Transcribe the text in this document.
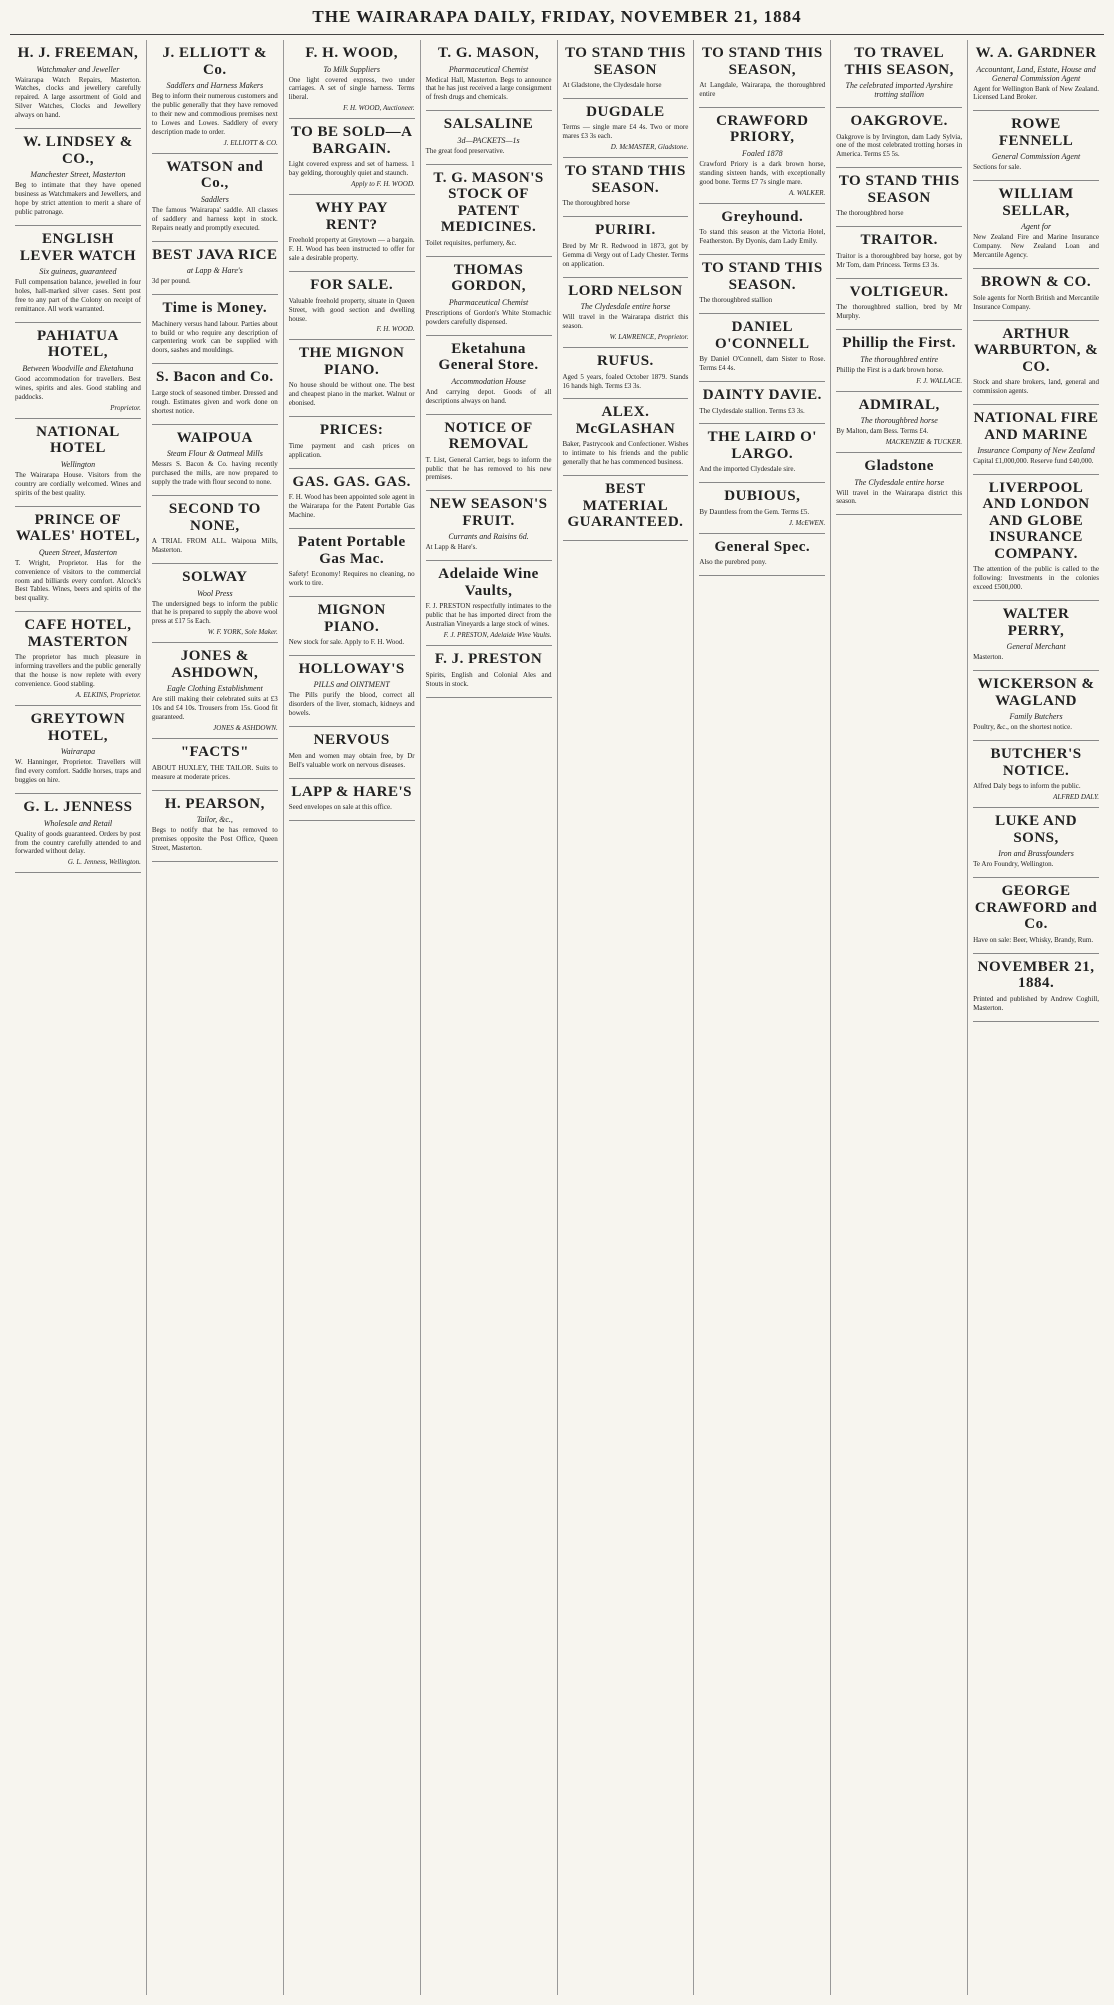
THE WAIRARAPA DAILY, FRIDAY, NOVEMBER 21, 1884
H. J. FREEMAN,
Watchmaker and Jeweller

Wairarapa Watch Repairs, Masterton. Watches, clocks and jewellery carefully repaired. A large assortment of Gold and Silver Watches, Clocks and Jewellery always on hand.

W. LINDSEY & CO.,
Manchester Street, Masterton

Beg to intimate that they have opened business as Watchmakers and Jewellers, and hope by strict attention to merit a share of public patronage.

ENGLISH LEVER WATCH
Six guineas, guaranteed

Full compensation balance, jewelled in four holes, hall-marked silver cases. Sent post free to any part of the Colony on receipt of remittance. All work warranted.

PAHIATUA HOTEL,
Between Woodville and Eketahuna

Good accommodation for travellers. Best wines, spirits and ales. Good stabling and paddocks.

Proprietor.
NATIONAL HOTEL
Wellington

The Wairarapa House. Visitors from the country are cordially welcomed. Wines and spirits of the best quality.

PRINCE OF WALES' HOTEL,
Queen Street, Masterton

T. Wright, Proprietor. Has for the convenience of visitors to the commercial room and billiards every comfort. Alcock's Best Tables. Wines, beers and spirits of the best quality.

CAFE HOTEL, MASTERTON

The proprietor has much pleasure in informing travellers and the public generally that the house is now replete with every convenience. Good stabling.

A. ELKINS, Proprietor.
GREYTOWN HOTEL,
Wairarapa

W. Hanninger, Proprietor. Travellers will find every comfort. Saddle horses, traps and buggies on hire.

G. L. JENNESS
Wholesale and Retail

Quality of goods guaranteed. Orders by post from the country carefully attended to and forwarded without delay.

G. L. Jenness, Wellington.
J. ELLIOTT & Co.
Saddlers and Harness Makers

Beg to inform their numerous customers and the public generally that they have removed to their new and commodious premises next to Lowes and Lowes. Saddlery of every description made to order.

J. ELLIOTT & CO.
WATSON and Co.,
Saddlers

The famous 'Wairarapa' saddle. All classes of saddlery and harness kept in stock. Repairs neatly and promptly executed.

BEST JAVA RICE
at Lapp & Hare's

3d per pound.

Time is Money.

Machinery versus hand labour. Parties about to build or who require any description of carpentering work can be supplied with doors, sashes and mouldings.

S. Bacon and Co.

Large stock of seasoned timber. Dressed and rough. Estimates given and work done on shortest notice.

WAIPOUA
Steam Flour & Oatmeal Mills

Messrs S. Bacon & Co. having recently purchased the mills, are now prepared to supply the trade with flour second to none.

SECOND TO NONE,

A TRIAL FROM ALL. Waipoua Mills, Masterton.

SOLWAY
Wool Press

The undersigned begs to inform the public that he is prepared to supply the above wool press at £17 5s Each.

W. F. YORK, Sole Maker.
JONES & ASHDOWN,
Eagle Clothing Establishment

Are still making their celebrated suits at £3 10s and £4 10s. Trousers from 15s. Good fit guaranteed.

JONES & ASHDOWN.
"FACTS"

ABOUT HUXLEY, THE TAILOR. Suits to measure at moderate prices.

H. PEARSON,
Tailor, &c.,

Begs to notify that he has removed to premises opposite the Post Office, Queen Street, Masterton.

F. H. WOOD,
To Milk Suppliers

One light covered express, two under carriages. A set of single harness. Terms liberal.

F. H. WOOD, Auctioneer.
TO BE SOLD—A BARGAIN.

Light covered express and set of harness. 1 bay gelding, thoroughly quiet and staunch.

Apply to F. H. WOOD.
WHY PAY RENT?

Freehold property at Greytown — a bargain. F. H. Wood has been instructed to offer for sale a desirable property.

FOR SALE.

Valuable freehold property, situate in Queen Street, with good section and dwelling house.

F. H. WOOD.
THE MIGNON PIANO.

No house should be without one. The best and cheapest piano in the market. Walnut or ebonised.

PRICES:

Time payment and cash prices on application.

GAS. GAS. GAS.

F. H. Wood has been appointed sole agent in the Wairarapa for the Patent Portable Gas Machine.

Patent Portable Gas Mac.

Safety! Economy! Requires no cleaning, no work to tire.

MIGNON PIANO.

New stock for sale. Apply to F. H. Wood.

HOLLOWAY'S
PILLS and OINTMENT

The Pills purify the blood, correct all disorders of the liver, stomach, kidneys and bowels.

NERVOUS

Men and women may obtain free, by Dr Bell's valuable work on nervous diseases.

LAPP & HARE'S

Seed envelopes on sale at this office.

T. G. MASON,
Pharmaceutical Chemist

Medical Hall, Masterton. Begs to announce that he has just received a large consignment of fresh drugs and chemicals.

SALSALINE
3d—PACKETS—1s

The great food preservative.

T. G. MASON'S STOCK OF PATENT MEDICINES.

Toilet requisites, perfumery, &c.

THOMAS GORDON,
Pharmaceutical Chemist

Prescriptions of Gordon's White Stomachic powders carefully dispensed.

Eketahuna General Store.
Accommodation House

And carrying depot. Goods of all descriptions always on hand.

NOTICE OF REMOVAL

T. List, General Carrier, begs to inform the public that he has removed to his new premises.

NEW SEASON'S FRUIT.
Currants and Raisins 6d.

At Lapp & Hare's.

Adelaide Wine Vaults,

F. J. PRESTON respectfully intimates to the public that he has imported direct from the Australian Vineyards a large stock of wines.

F. J. PRESTON, Adelaide Wine Vaults.
F. J. PRESTON

Spirits, English and Colonial Ales and Stouts in stock.

TO STAND THIS SEASON

At Gladstone, the Clydesdale horse

DUGDALE

Terms — single mare £4 4s. Two or more mares £3 3s each.

D. McMASTER, Gladstone.
TO STAND THIS SEASON.

The thoroughbred horse

PURIRI.

Bred by Mr R. Redwood in 1873, got by Gemma di Vergy out of Lady Chester. Terms on application.

LORD NELSON
The Clydesdale entire horse

Will travel in the Wairarapa district this season.

W. LAWRENCE, Proprietor.
RUFUS.

Aged 5 years, foaled October 1879. Stands 16 hands high. Terms £3 3s.

ALEX. McGLASHAN

Baker, Pastrycook and Confectioner. Wishes to intimate to his friends and the public generally that he has commenced business.

BEST MATERIAL GUARANTEED.
TO STAND THIS SEASON,

At Langdale, Wairarapa, the thoroughbred entire

CRAWFORD PRIORY,
Foaled 1878

Crawford Priory is a dark brown horse, standing sixteen hands, with exceptionally good bone. Terms £7 7s single mare.

A. WALKER.
Greyhound.

To stand this season at the Victoria Hotel, Featherston. By Dyonis, dam Lady Emily.

TO STAND THIS SEASON.

The thoroughbred stallion

DANIEL O'CONNELL

By Daniel O'Connell, dam Sister to Rose. Terms £4 4s.

DAINTY DAVIE.

The Clydesdale stallion. Terms £3 3s.

THE LAIRD O' LARGO.

And the imported Clydesdale sire.

DUBIOUS,

By Dauntless from the Gem. Terms £5.

J. McEWEN.
General Spec.

Also the purebred pony.

TO TRAVEL THIS SEASON,
The celebrated imported Ayrshire trotting stallion
OAKGROVE.

Oakgrove is by Irvington, dam Lady Sylvia, one of the most celebrated trotting horses in America. Terms £5 5s.

TO STAND THIS SEASON

The thoroughbred horse

TRAITOR.

Traitor is a thoroughbred bay horse, got by Mr Tom, dam Princess. Terms £3 3s.

VOLTIGEUR.

The thoroughbred stallion, bred by Mr Murphy.

Phillip the First.
The thoroughbred entire

Phillip the First is a dark brown horse.

F. J. WALLACE.
ADMIRAL,
The thoroughbred horse

By Malton, dam Bess. Terms £4.

MACKENZIE & TUCKER.
Gladstone
The Clydesdale entire horse

Will travel in the Wairarapa district this season.

W. A. GARDNER
Accountant, Land, Estate, House and General Commission Agent

Agent for Wellington Bank of New Zealand. Licensed Land Broker.

ROWE FENNELL
General Commission Agent

Sections for sale.

WILLIAM SELLAR,
Agent for

New Zealand Fire and Marine Insurance Company. New Zealand Loan and Mercantile Agency.

BROWN & CO.

Sole agents for North British and Mercantile Insurance Company.

ARTHUR WARBURTON, & CO.

Stock and share brokers, land, general and commission agents.

NATIONAL FIRE AND MARINE
Insurance Company of New Zealand

Capital £1,000,000. Reserve fund £40,000.

LIVERPOOL AND LONDON AND GLOBE INSURANCE COMPANY.

The attention of the public is called to the following: Investments in the colonies exceed £500,000.

WALTER PERRY,
General Merchant

Masterton.

WICKERSON & WAGLAND
Family Butchers

Poultry, &c., on the shortest notice.

BUTCHER'S NOTICE.

Alfred Daly begs to inform the public.

ALFRED DALY.
LUKE AND SONS,
Iron and Brassfounders

Te Aro Foundry, Wellington.

GEORGE CRAWFORD and Co.

Have on sale: Beer, Whisky, Brandy, Rum.

NOVEMBER 21, 1884.

Printed and published by Andrew Coghill, Masterton.
